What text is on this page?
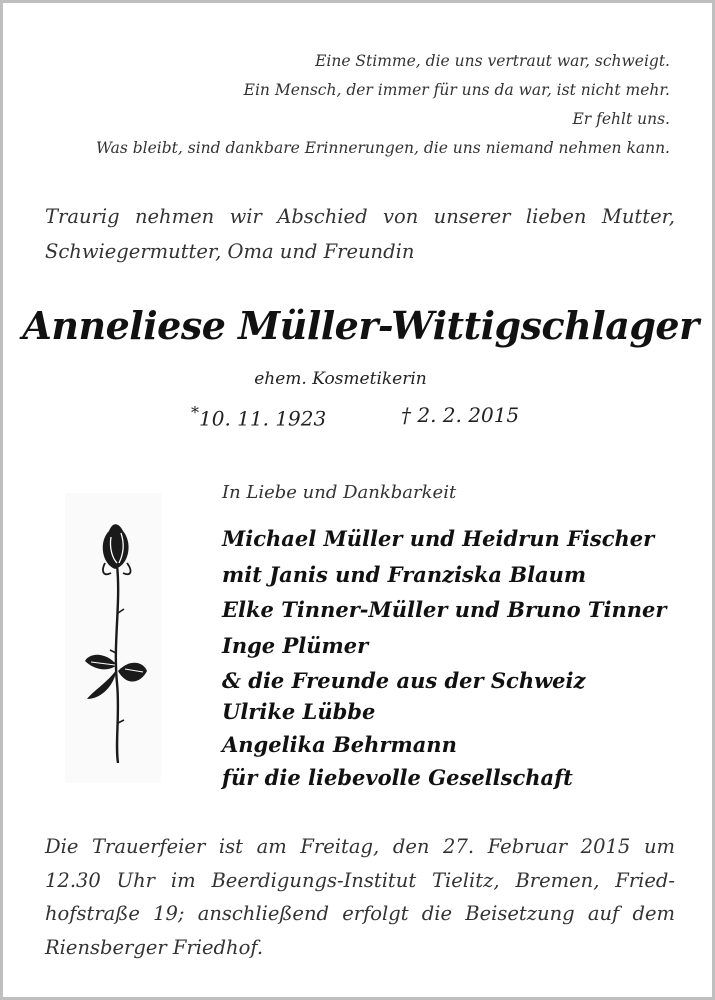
Eine Stimme, die uns vertraut war, schweigt.
Ein Mensch, der immer für uns da war, ist nicht mehr.
Er fehlt uns.
Was bleibt, sind dankbare Erinnerungen, die uns niemand nehmen kann.
Traurig nehmen wir Abschied von unserer lieben Mutter,
Schwiegermutter, Oma und Freundin
Anneliese Müller-Wittigschlager
ehem. Kosmetikerin
*10. 11. 1923	† 2. 2. 2015
In Liebe und Dankbarkeit
Michael Müller und Heidrun Fischer
mit Janis und Franziska Blaum
Elke Tinner-Müller und Bruno Tinner
Inge Plümer
& die Freunde aus der Schweiz
Ulrike Lübbe
Angelika Behrmann
für die liebevolle Gesellschaft
Die Trauerfeier ist am Freitag, den 27. Februar 2015 um
12.30 Uhr im Beerdigungs-Institut Tielitz, Bremen, Fried-
hofstraße 19; anschließend erfolgt die Beisetzung auf dem
Riensberger Friedhof.
